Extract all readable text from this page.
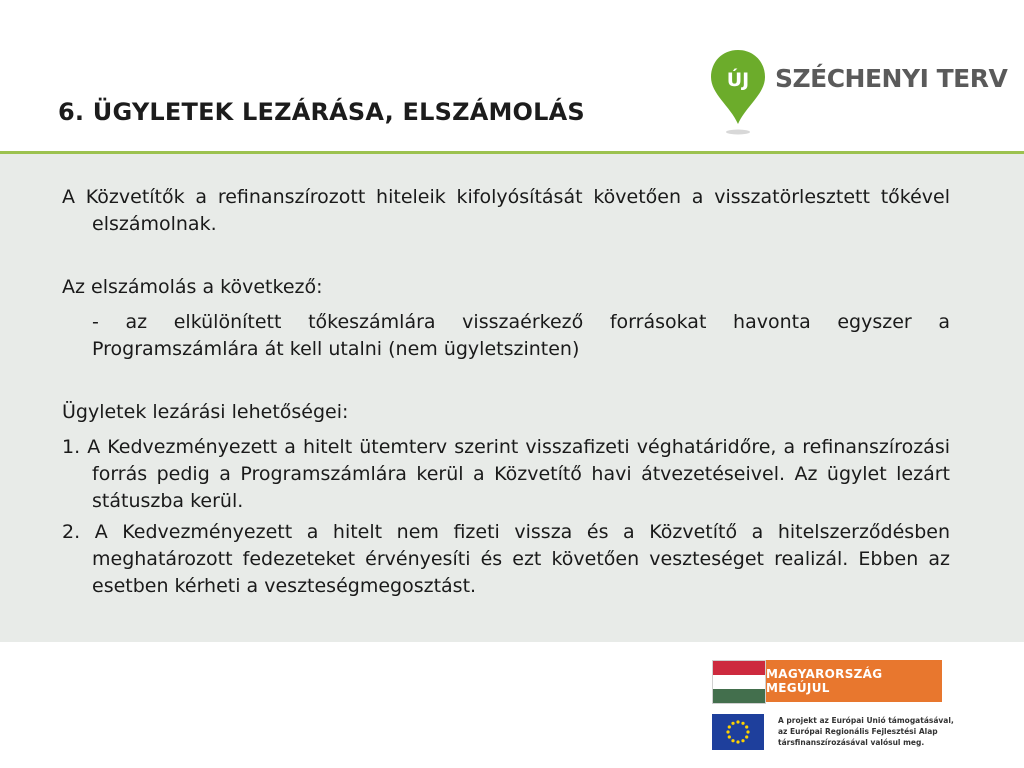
6. ÜGYLETEK LEZÁRÁSA, ELSZÁMOLÁS
ÚJ SZÉCHENYI TERV

A Közvetítők a refinanszírozott hiteleik kifolyósítását követően a visszatörlesztett tőkével elszámolnak.

Az elszámolás a következő:

- az elkülönített tőkeszámlára visszaérkező forrásokat havonta egyszer a Programszámlára át kell utalni (nem ügyletszinten)

Ügyletek lezárási lehetőségei:

1. A Kedvezményezett a hitelt ütemterv szerint visszafizeti véghatáridőre, a refinanszírozási forrás pedig a Programszámlára kerül a Közvetítő havi átvezetéseivel. Az ügylet lezárt státuszba kerül.

2. A Kedvezményezett a hitelt nem fizeti vissza és a Közvetítő a hitelszerződésben meghatározott fedezeteket érvényesíti és ezt követően veszteséget realizál. Ebben az esetben kérheti a veszteségmegosztást.

MAGYARORSZÁG MEGÚJUL
A projekt az Európai Unió támogatásával,
az Európai Regionális Fejlesztési Alap
társfinanszírozásával valósul meg.
